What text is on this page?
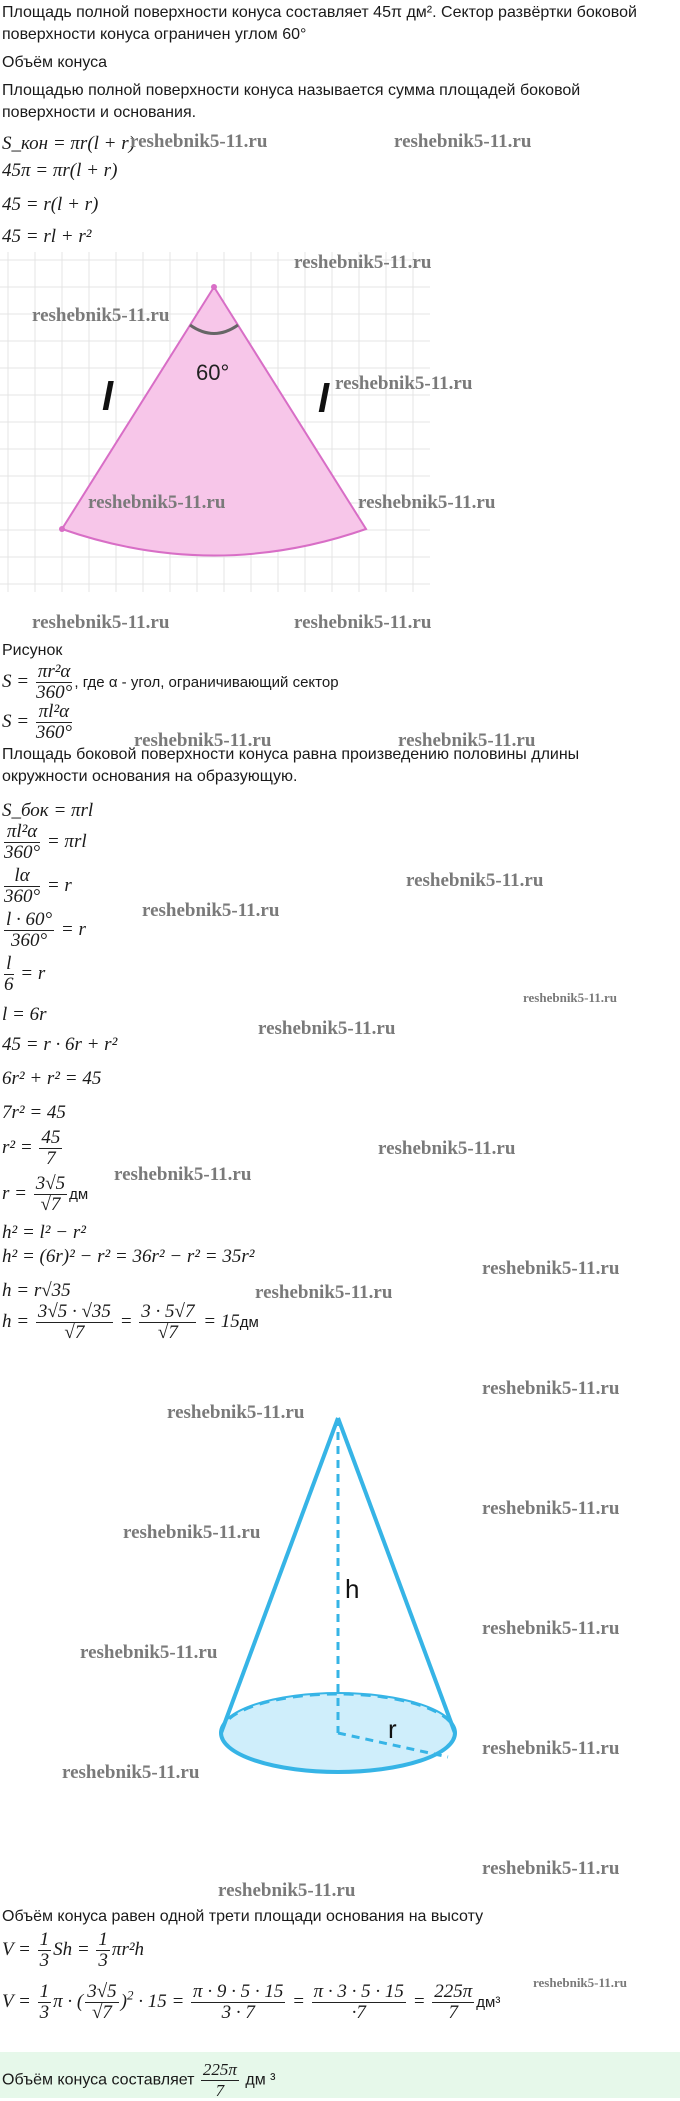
Площадь полной поверхности конуса составляет 45π дм². Сектор развёртки боковой
поверхности конуса ограничен углом 60°
Объём конуса
Площадью полной поверхности конуса называется сумма площадей боковой
поверхности и основания.
S_кон = πr(l + r)
45π = πr(l + r)
45 = r(l + r)
45 = rl + r²
60°
l	l
Рисунок
$S = \frac{\text{πr²α}}{360^\circ}$ , где α - угол, ограничивающий сектор
$S = \frac{\text{πl²α}}{360^\circ}$
Площадь боковой поверхности конуса равна произведению половины длины
окружности основания на образующую.
S_бок = πrl
$\frac{\text{πl²α}}{360^\circ} = \pi rl$
$\frac{l\alpha}{360^\circ} = r$
$\frac{l \cdot 60^\circ}{360^\circ} = r$
$\frac{l}{6} = r$
l = 6r
45 = r · 6r + r²
6r² + r² = 45
7r² = 45
$r^2 = \frac{45}{7}$
$r = \frac{3√5}{√7}$ дм
h² = l² − r²
h² = (6r)² − r² = 36r² − r² = 35r²
h = r√35
$h = \frac{3√5 \cdot √35}{√7} = \frac{3 \cdot 5√7}{√7} = 15дм$
h
r
Объём конуса равен одной трети площади основания на высоту
$V = \frac{1}{3}$ $Sh = \frac{1}{3} \pi r^2h$
$V = \frac{1}{3}$ π · ( $\frac{3√5}{√7} )^2 \cdot 15 = \frac{\pi \cdot 9 \cdot 5 \cdot 15}{3 \cdot 7} = \frac{\pi \cdot 3 \cdot 5 \cdot 15}{\cdot 7} = \frac{225\pi}{7} дм^3$
Объём конуса составляет $\frac{225\pi}{7}$ дм ³
reshebnik5-11.ru	reshebnik5-11.ru
reshebnik5-11.ru
reshebnik5-11.ru
reshebnik5-11.ru
reshebnik5-11.ru	reshebnik5-11.ru
reshebnik5-11.ru	reshebnik5-11.ru
reshebnik5-11.ru	reshebnik5-11.ru
reshebnik5-11.ru
reshebnik5-11.ru
reshebnik5-11.ru
reshebnik5-11.ru
reshebnik5-11.ru
reshebnik5-11.ru
reshebnik5-11.ru
reshebnik5-11.ru
reshebnik5-11.ru
reshebnik5-11.ru
reshebnik5-11.ru
reshebnik5-11.ru
reshebnik5-11.ru
reshebnik5-11.ru
reshebnik5-11.ru
reshebnik5-11.ru
reshebnik5-11.ru
reshebnik5-11.ru
reshebnik5-11.ru
